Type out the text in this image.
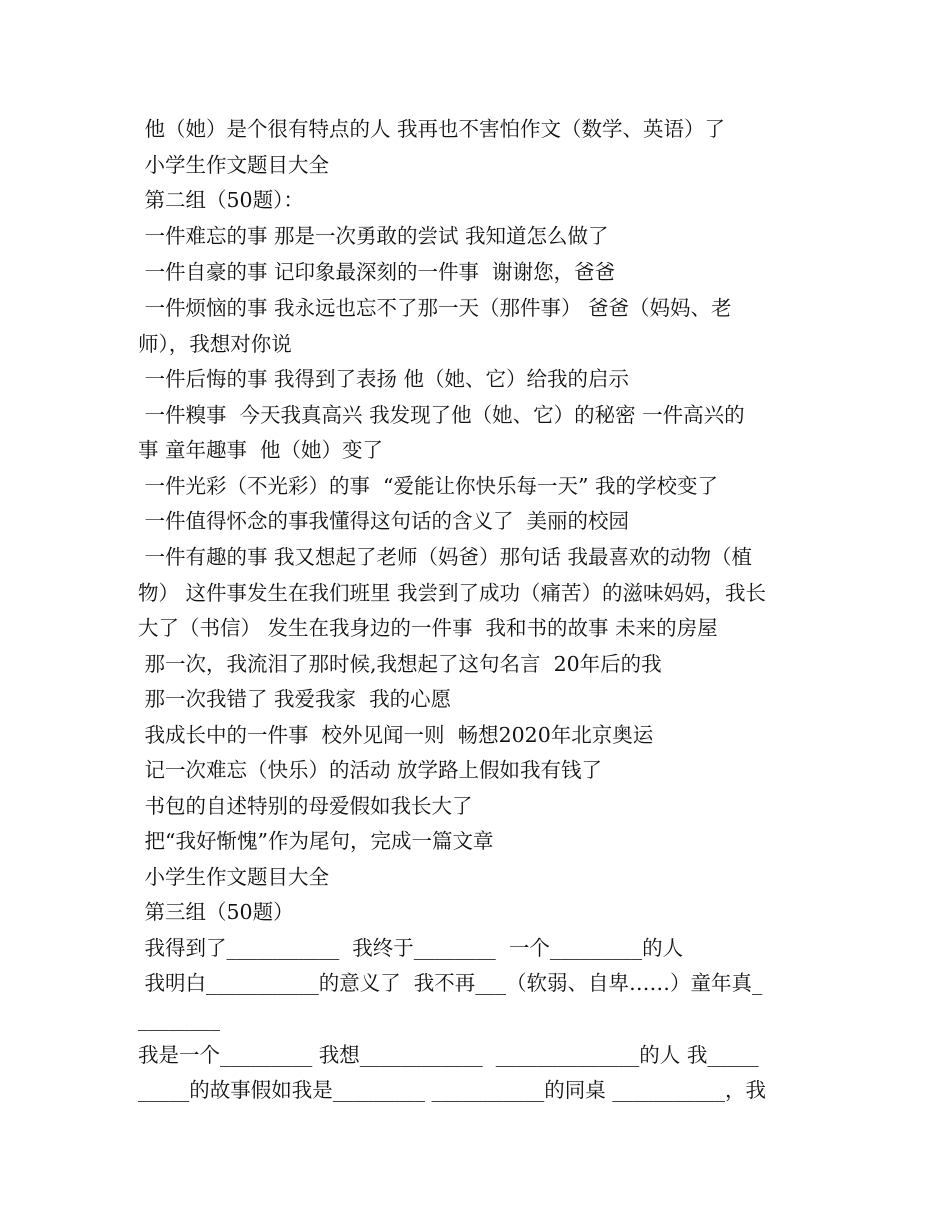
他（她）是个很有特点的人 我再也不害怕作文（数学、英语）了
小学生作文题目大全
第二组（50题）：
一件难忘的事 那是一次勇敢的尝试 我知道怎么做了
一件自豪的事 记印象最深刻的一件事  谢谢您，爸爸
一件烦恼的事 我永远也忘不了那一天（那件事） 爸爸（妈妈、老
师），我想对你说
一件后悔的事 我得到了表扬 他（她、它）给我的启示
一件糗事  今天我真高兴 我发现了他（她、它）的秘密 一件高兴的
事 童年趣事  他（她）变了
一件光彩（不光彩）的事  “爱能让你快乐每一天” 我的学校变了
一件值得怀念的事我懂得这句话的含义了  美丽的校园
一件有趣的事 我又想起了老师（妈爸）那句话 我最喜欢的动物（植
物） 这件事发生在我们班里 我尝到了成功（痛苦）的滋味妈妈，我长
大了（书信） 发生在我身边的一件事  我和书的故事 未来的房屋
那一次，我流泪了那时候,我想起了这句名言  20年后的我
那一次我错了 我爱我家  我的心愿
我成长中的一件事  校外见闻一则  畅想2020年北京奥运
记一次难忘（快乐）的活动 放学路上假如我有钱了
书包的自述特别的母爱假如我长大了
把“我好惭愧”作为尾句，完成一篇文章
小学生作文题目大全
第三组（50题）
我得到了___________  我终于________  一个_________的人
我明白___________的意义了  我不再___（软弱、自卑……）童年真_
________
我是一个_________ 我想____________  ______________的人 我_____
_____的故事假如我是_________ ___________的同桌 ___________，我
